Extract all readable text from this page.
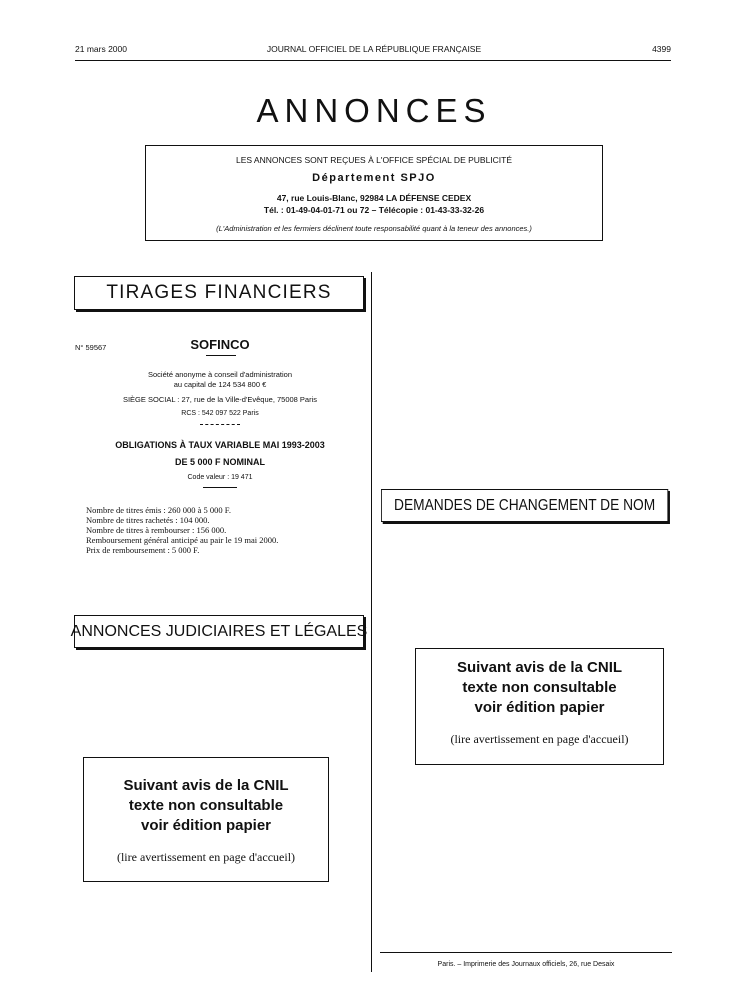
21 mars 2000	JOURNAL OFFICIEL DE LA RÉPUBLIQUE FRANÇAISE	4399
ANNONCES
LES ANNONCES SONT REÇUES À L'OFFICE SPÉCIAL DE PUBLICITÉ
Département SPJO
47, rue Louis-Blanc, 92984 LA DÉFENSE CEDEX
Tél. : 01-49-04-01-71 ou 72 – Télécopie : 01-43-33-32-26
(L'Administration et les fermiers déclinent toute responsabilité quant à la teneur des annonces.)
TIRAGES FINANCIERS
N° 59567	SOFINCO
Société anonyme à conseil d'administration
au capital de 124 534 800 €
SIÈGE SOCIAL : 27, rue de la Ville-d'Evêque, 75008 Paris
RCS : 542 097 522 Paris
OBLIGATIONS À TAUX VARIABLE MAI 1993-2003
DE 5 000 F NOMINAL
Code valeur : 19 471
Nombre de titres émis : 260 000 à 5 000 F.
Nombre de titres rachetés : 104 000.
Nombre de titres à rembourser : 156 000.
Remboursement général anticipé au pair le 19 mai 2000.
Prix de remboursement : 5 000 F.
ANNONCES JUDICIAIRES ET LÉGALES
Suivant avis de la CNIL
texte non consultable
voir édition papier
(lire avertissement en page d'accueil)
DEMANDES DE CHANGEMENT DE NOM
Suivant avis de la CNIL
texte non consultable
voir édition papier
(lire avertissement en page d'accueil)
Paris. – Imprimerie des Journaux officiels, 26, rue Desaix
